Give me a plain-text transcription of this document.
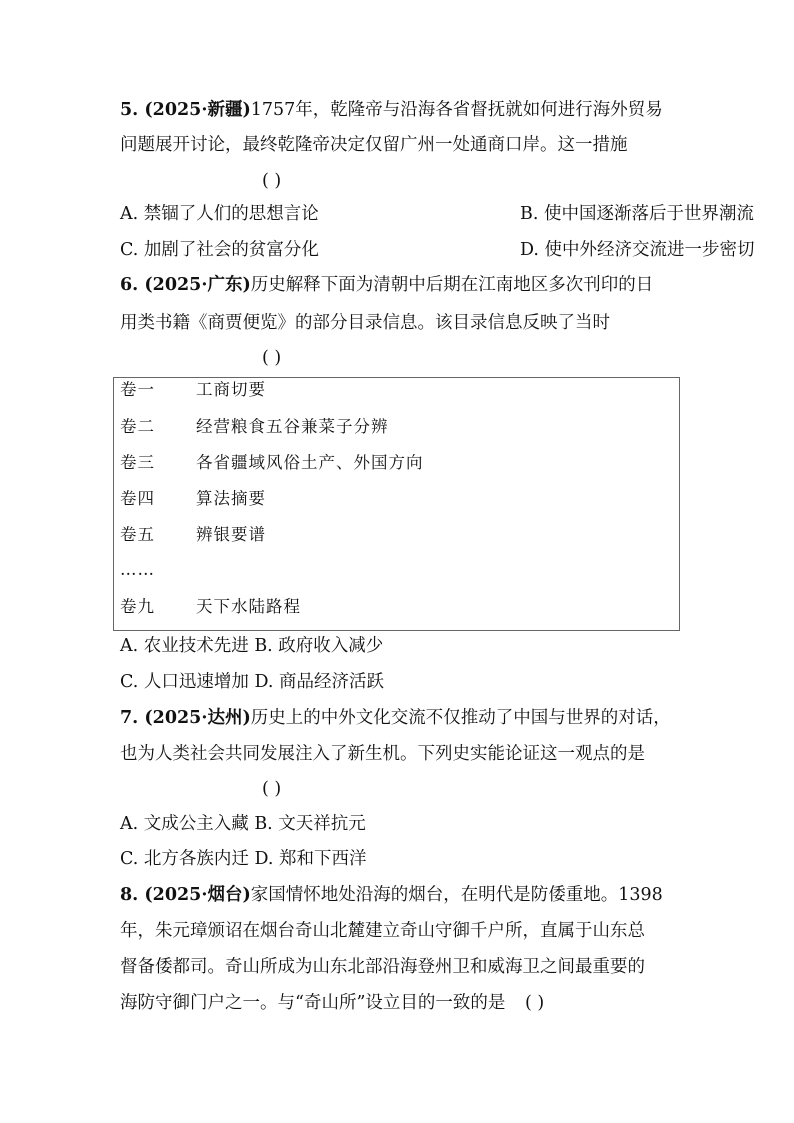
5. (2025·新疆)1757年，乾隆帝与沿海各省督抚就如何进行海外贸易
问题展开讨论，最终乾隆帝决定仅留广州一处通商口岸。这一措施
( )
A. 禁锢了人们的思想言论	B. 使中国逐渐落后于世界潮流
C. 加剧了社会的贫富分化	D. 使中外经济交流进一步密切
6. (2025·广东)历史解释下面为清朝中后期在江南地区多次刊印的日
用类书籍《商贾便览》的部分目录信息。该目录信息反映了当时
( )
卷一 工商切要
卷二 经营粮食五谷兼菜子分辨
卷三 各省疆域风俗土产、外国方向
卷四 算法摘要
卷五 辨银要谱
……
卷九 天下水陆路程
A. 农业技术先进 B. 政府收入减少
C. 人口迅速增加 D. 商品经济活跃
7. (2025·达州)历史上的中外文化交流不仅推动了中国与世界的对话，
也为人类社会共同发展注入了新生机。下列史实能论证这一观点的是
( )
A. 文成公主入藏 B. 文天祥抗元
C. 北方各族内迁 D. 郑和下西洋
8. (2025·烟台)家国情怀地处沿海的烟台，在明代是防倭重地。1398
年，朱元璋颁诏在烟台奇山北麓建立奇山守御千户所，直属于山东总
督备倭都司。奇山所成为山东北部沿海登州卫和威海卫之间最重要的
海防守御门户之一。与“奇山所”设立目的一致的是 ( )
